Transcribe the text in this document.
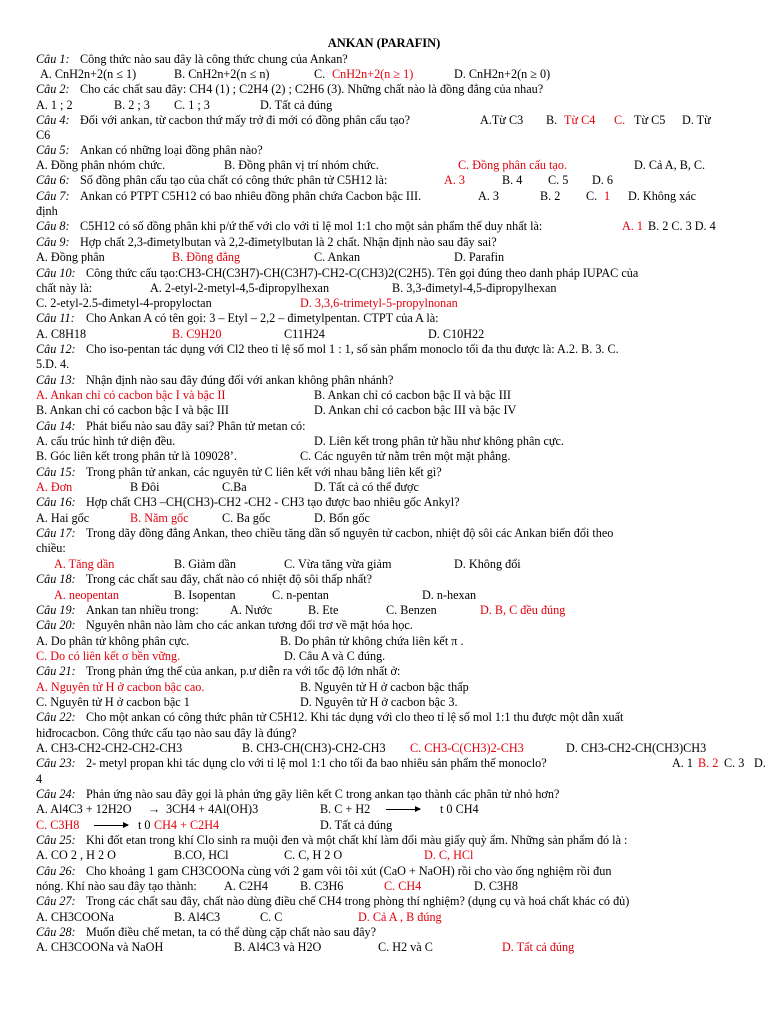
ANKAN (PARAFIN)
Câu 1: Công thức nào sau đây là công thức chung của Ankan?
A. CnH2n+2(n ≤ 1)	B. CnH2n+2(n ≤ n)	C. CnH2n+2(n ≥ 1)	D. CnH2n+2(n ≥ 0)
Câu 2: Cho các chất sau đây: CH4 (1) ; C2H4 (2) ; C2H6 (3). Những chất nào là đồng đẳng của nhau?
A. 1 ; 2	B. 2 ; 3 C. 1 ; 3	D. Tất cả đúng
Câu 4: Đối với ankan, từ cacbon thứ mấy trở đi mới có đồng phân cấu tạo?	A.Từ C3 B. Từ C4 C. Từ C5 D. Từ
C6
Câu 5: Ankan có những loại đồng phân nào?
A. Đồng phân nhóm chức.	B. Đồng phân vị trí nhóm chức.	C. Đồng phân cấu tạo.	D. Cả A, B, C.
Câu 6: Số đồng phân cấu tạo của chất có công thức phân tử C5H12 là:	A. 3	B. 4 C. 5 D. 6
Câu 7: Ankan có PTPT C5H12 có bao nhiêu đồng phân chứa Cacbon bậc III.	A. 3	B. 2 C. 1 D. Không xác
định
Câu 8: C5H12 có số đồng phân khi p/ứ thế với clo với tỉ lệ mol 1:1 cho một sản phẩm thế duy nhất là:	A. 1 B. 2 C. 3 D. 4
Câu 9: Hợp chất 2,3-đimetylbutan và 2,2-đimetylbutan là 2 chất. Nhận định nào sau đây sai?
A. Đồng phân	B. Đồng đẳng	C. Ankan	D. Parafin
Câu 10: Công thức cấu tạo:CH3-CH(C3H7)-CH(C3H7)-CH2-C(CH3)2(C2H5). Tên gọi đúng theo danh pháp IUPAC của
chất này là:	A. 2-etyl-2-metyl-4,5-đipropylhexan	B. 3,3-đimetyl-4,5-đipropylhexan
C. 2-etyl-2.5-đimetyl-4-propyloctan	D. 3,3,6-trimetyl-5-propylnonan
Câu 11: Cho Ankan A có tên gọi: 3 – Etyl – 2,2 – đimetylpentan. CTPT của A là:
A. C8H18	B. C9H20	C11H24	D. C10H22
Câu 12: Cho iso-pentan tác dụng với Cl2 theo tỉ lệ số mol 1 : 1, số sản phẩm monoclo tối đa thu được là: A.2. B. 3. C.
5.D. 4.
Câu 13: Nhận định nào sau đây đúng đối với ankan không phân nhánh?
A. Ankan chỉ có cacbon bậc I và bậc II	B. Ankan chỉ có cacbon bậc II và bậc III
B. Ankan chỉ có cacbon bậc I và bậc III	D. Ankan chỉ có cacbon bậc III và bậc IV
Câu 14: Phát biểu nào sau đây sai? Phân tử metan có:
A. cấu trúc hình tứ diện đều.	D. Liên kết trong phân tử hầu như không phân cực.
B. Góc liên kết trong phân tử là 109028’.	C. Các nguyên tử nằm trên một mặt phẳng.
Câu 15: Trong phân tử ankan, các nguyên tử C liên kết với nhau bằng liên kết gì?
A. Đơn	B Đôi	C.Ba	D. Tất cả có thể được
Câu 16: Hợp chất CH3 –CH(CH3)-CH2 -CH2 - CH3 tạo được bao nhiêu gốc Ankyl?
A. Hai gốc	B. Năm gốc	C. Ba gốc	D. Bốn gốc
Câu 17: Trong dãy đồng đẳng Ankan, theo chiều tăng dần số nguyên tử cacbon, nhiệt độ sôi các Ankan biến đổi theo
chiều:
A. Tăng dần	B. Giảm dần	C. Vừa tăng vừa giảm	D. Không đổi
Câu 18: Trong các chất sau đây, chất nào có nhiệt độ sôi thấp nhất?
A. neopentan	B. Isopentan	C. n-pentan	D. n-hexan
Câu 19: Ankan tan nhiều trong:	A. Nước	B. Ete	C. Benzen	D. B, C đều đúng
Câu 20: Nguyên nhân nào làm cho các ankan tương đối trơ về mặt hóa học.
A. Do phân tử không phân cực.	B. Do phân tử không chứa liên kết π .
C. Do có liên kết σ bền vững.	D. Câu A và C đúng.
Câu 21: Trong phản ứng thế của ankan, p.ư diễn ra với tốc độ lớn nhất ở:
A. Nguyên tử H ở cacbon bậc cao.	B. Nguyên tử H ở cacbon bậc thấp
C. Nguyên tử H ở cacbon bậc 1	D. Nguyên tử H ở cacbon bậc 3.
Câu 22: Cho một ankan có công thức phân tử C5H12. Khi tác dụng với clo theo tỉ lệ số mol 1:1 thu được một dẫn xuất
hiđrocacbon. Công thức cấu tạo nào sau đây là đúng?
A. CH3-CH2-CH2-CH2-CH3	B. CH3-CH(CH3)-CH2-CH3 C. CH3-C(CH3)2-CH3	D. CH3-CH2-CH(CH3)CH3
Câu 23: 2- metyl propan khi tác dụng clo với tỉ lệ mol 1:1 cho tối đa bao nhiêu sản phẩm thế monoclo?	A. 1 B. 2 C. 3 D.
4
Câu 24: Phản ứng nào sau đây gọi là phản ứng gãy liên kết C trong ankan tạo thành các phân tử nhỏ hơn?
A. Al4C3 + 12H2O → 3CH4 + 4Al(OH)3	B. C + H2	t 0 CH4
C. C3H8	t 0 CH4 + C2H4	D. Tất cả đúng
Câu 25: Khi đốt etan trong khí Clo sinh ra muội đen và một chất khí làm đổi màu giấy quỳ ẩm. Những sản phẩm đó là :
A. CO 2 , H 2 O	B.CO, HCl	C. C, H 2 O	D. C, HCl
Câu 26: Cho khoảng 1 gam CH3COONa cùng với 2 gam vôi tôi xút (CaO + NaOH) rồi cho vào ống nghiệm rồi đun
nóng. Khí nào sau đây tạo thành: A. C2H4	B. C3H6	C. CH4	D. C3H8
Câu 27: Trong các chất sau đây, chất nào dùng điều chế CH4 trong phòng thí nghiệm? (dụng cụ và hoá chất khác có đủ)
A. CH3COONa	B. Al4C3	C. C	D. Cả A , B đúng
Câu 28: Muốn điều chế metan, ta có thể dùng cặp chất nào sau đây?
A. CH3COONa và NaOH	B. Al4C3 và H2O	C. H2 và C	D. Tất cả đúng
